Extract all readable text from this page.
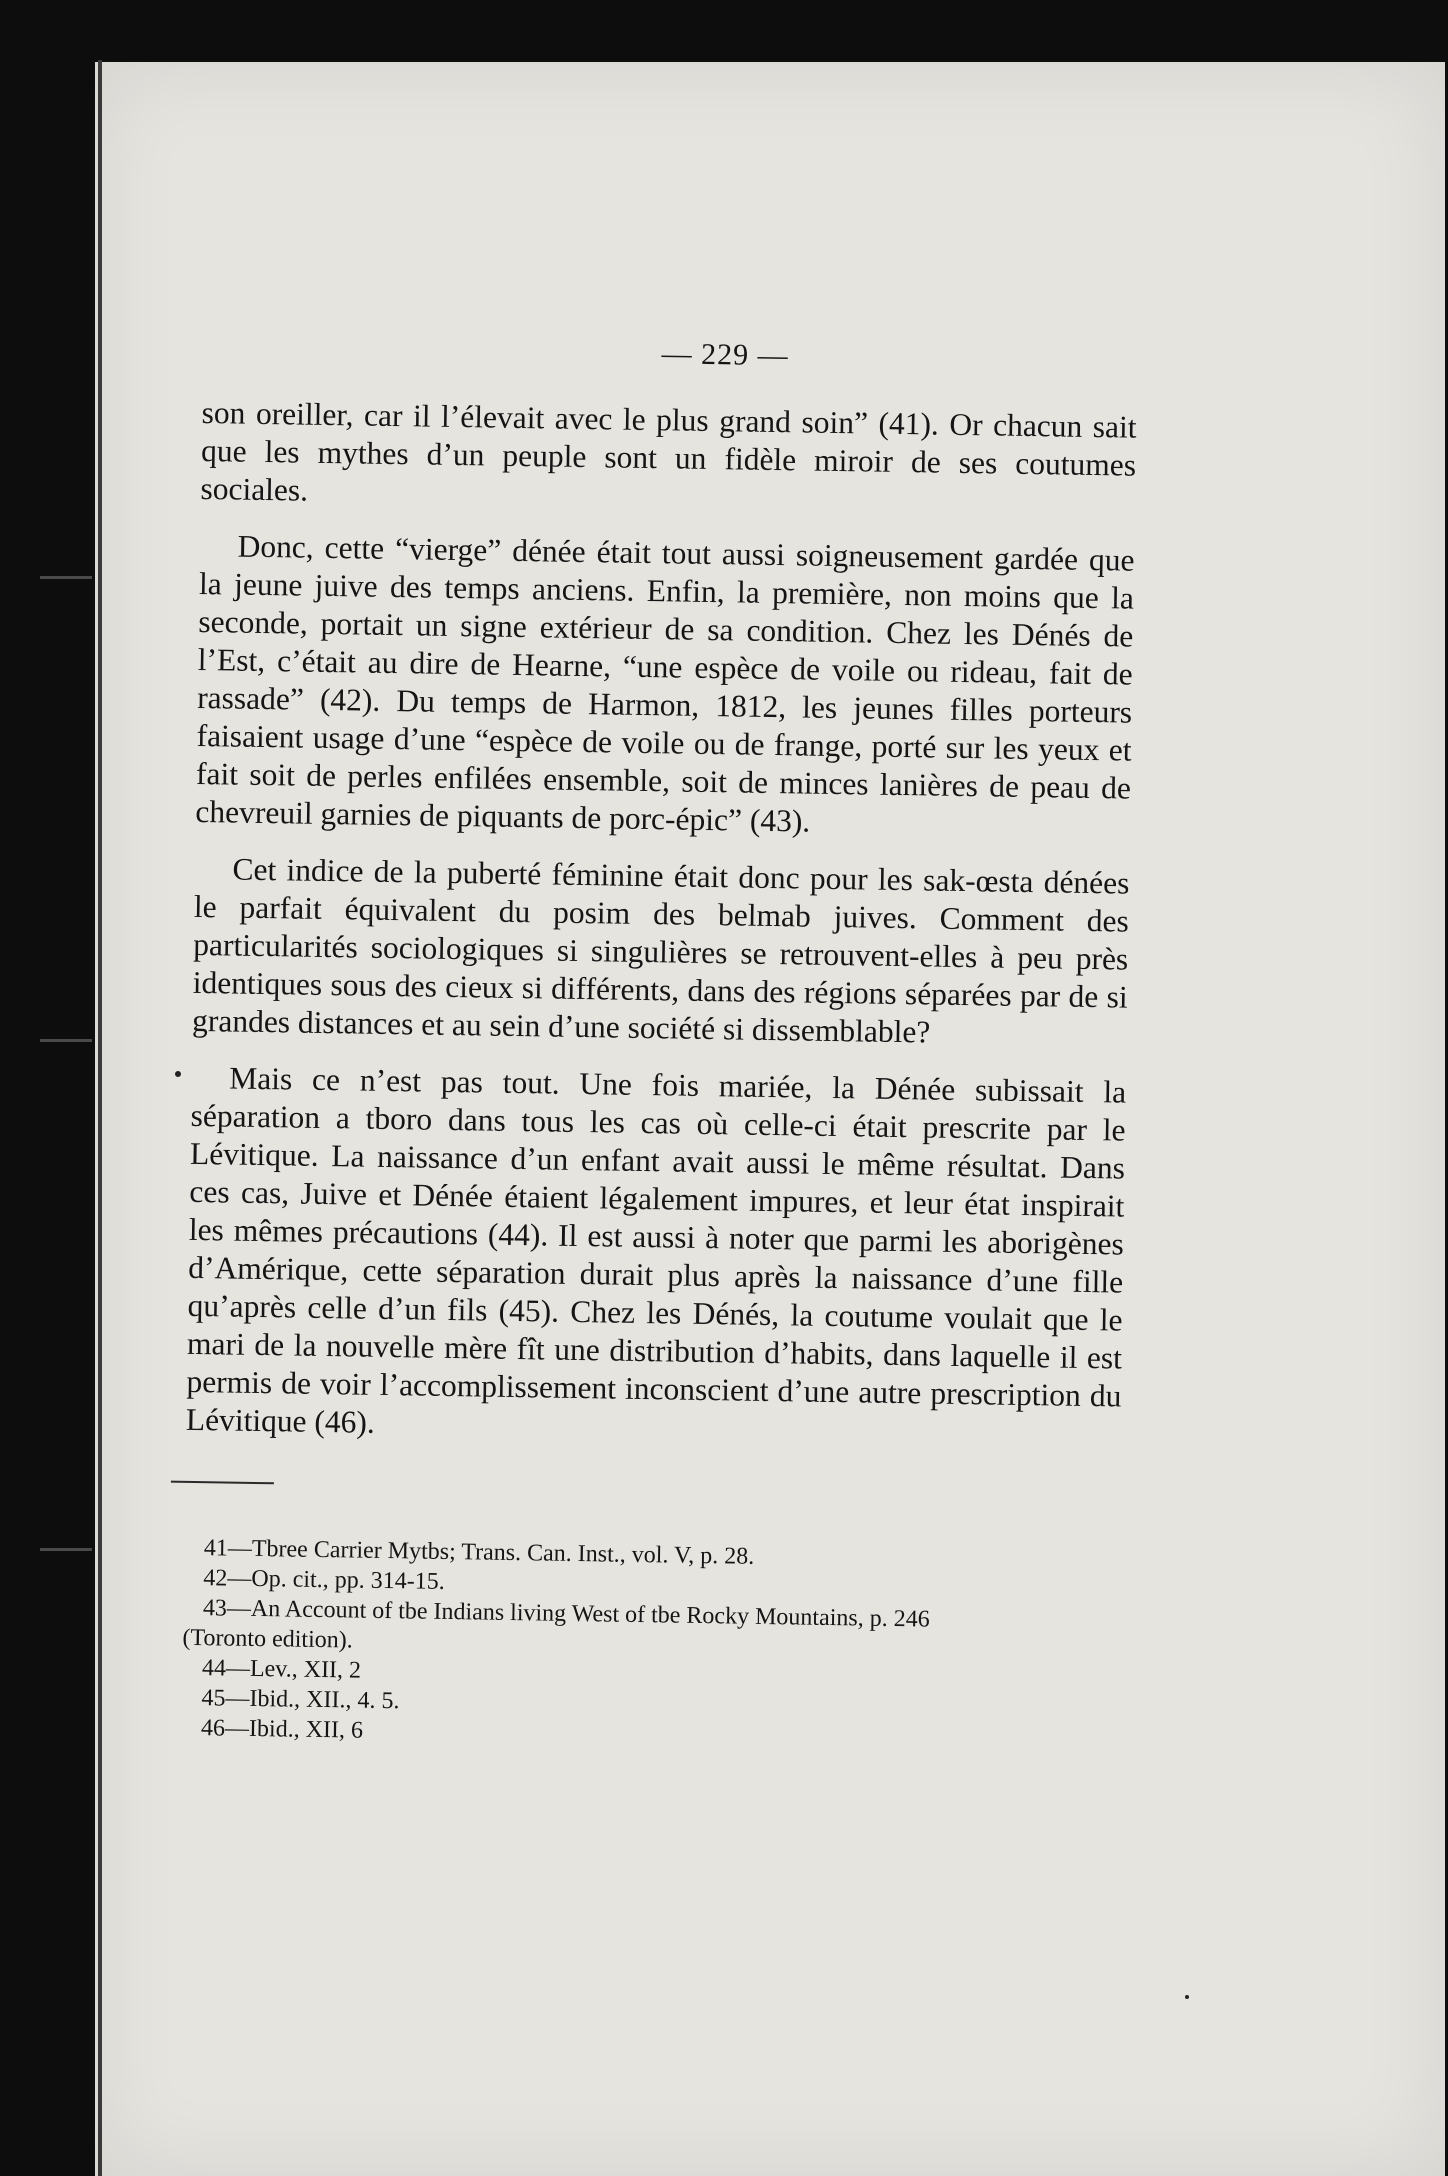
— 229 —

son oreiller, car il l’élevait avec le plus grand soin” (41). Or chacun sait que les mythes d’un peuple sont un fidèle miroir de ses coutumes sociales.

Donc, cette “vierge” dénée était tout aussi soigneusement gardée que la jeune juive des temps anciens. Enfin, la première, non moins que la seconde, portait un signe extérieur de sa condition. Chez les Dénés de l’Est, c’était au dire de Hearne, “une espèce de voile ou rideau, fait de rassade” (42). Du temps de Harmon, 1812, les jeunes filles porteurs faisaient usage d’une “espèce de voile ou de frange, porté sur les yeux et fait soit de perles enfilées ensemble, soit de minces lanières de peau de chevreuil garnies de piquants de porc-épic” (43).

Cet indice de la puberté féminine était donc pour les sak-œsta dénées le parfait équivalent du posim des belmab juives. Comment des particularités sociologiques si singulières se retrouvent-elles à peu près identiques sous des cieux si différents, dans des régions séparées par de si grandes distances et au sein d’une société si dissemblable?

Mais ce n’est pas tout. Une fois mariée, la Dénée subissait la séparation a tboro dans tous les cas où celle-ci était prescrite par le Lévitique. La naissance d’un enfant avait aussi le même résultat. Dans ces cas, Juive et Dénée étaient légalement impures, et leur état inspirait les mêmes précautions (44). Il est aussi à noter que parmi les aborigènes d’Amérique, cette séparation durait plus après la naissance d’une fille qu’après celle d’un fils (45). Chez les Dénés, la coutume voulait que le mari de la nouvelle mère fît une distribution d’habits, dans laquelle il est permis de voir l’accomplissement inconscient d’une autre prescription du Lévitique (46).

41—Tbree Carrier Mytbs; Trans. Can. Inst., vol. V, p. 28.

42—Op. cit., pp. 314-15.

43—An Account of tbe Indians living West of tbe Rocky Mountains, p. 246
(Toronto edition).

44—Lev., XII, 2

45—Ibid., XII., 4. 5.

46—Ibid., XII, 6
